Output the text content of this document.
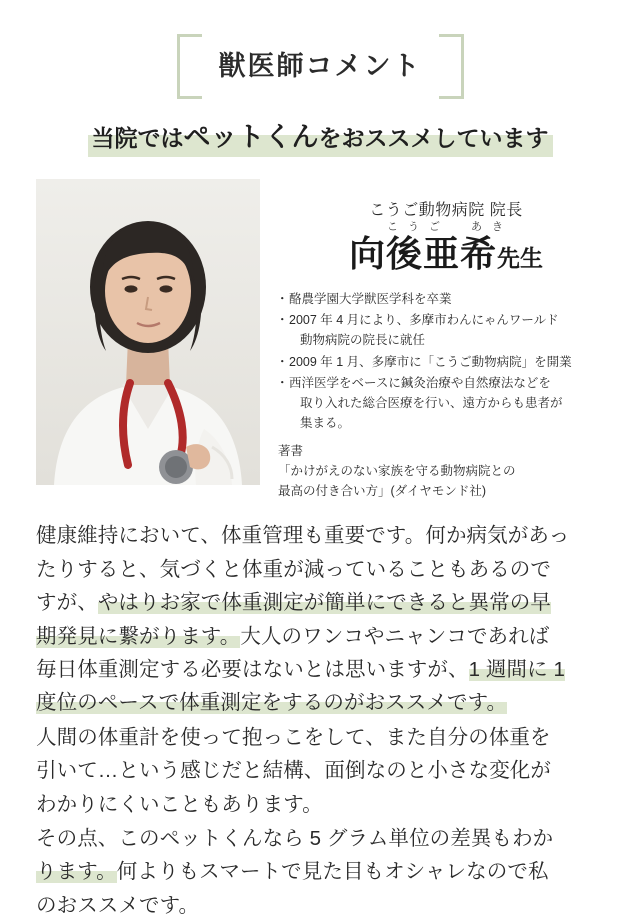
獣医師コメント
当院ではペットくんをおススメしています
こうご動物病院 院長
こうご　あき
向後亜希先生
・ 酪農学園大学獣医学科を卒業
・ 2007 年 4 月により、多摩市わんにゃんワールド
動物病院の院長に就任
・ 2009 年 1 月、多摩市に「こうご動物病院」を開業
・ 西洋医学をベースに鍼灸治療や自然療法などを
取り入れた総合医療を行い、遠方からも患者が
集まる。
著書
「かけがえのない家族を守る動物病院との
最高の付き合い方」(ダイヤモンド社)

健康維持において、体重管理も重要です。何か病気があっ
たりすると、気づくと体重が減っていることもあるので
すが、やはりお家で体重測定が簡単にできると異常の早
期発見に繋がります。大人のワンコやニャンコであれば
毎日体重測定する必要はないとは思いますが、1 週間に 1
度位のペースで体重測定をするのがおススメです。

人間の体重計を使って抱っこをして、また自分の体重を
引いて…という感じだと結構、面倒なのと小さな変化が
わかりにくいこともあります。

その点、このペットくんなら 5 グラム単位の差異もわか
ります。何よりもスマートで見た目もオシャレなので私
のおススメです。
